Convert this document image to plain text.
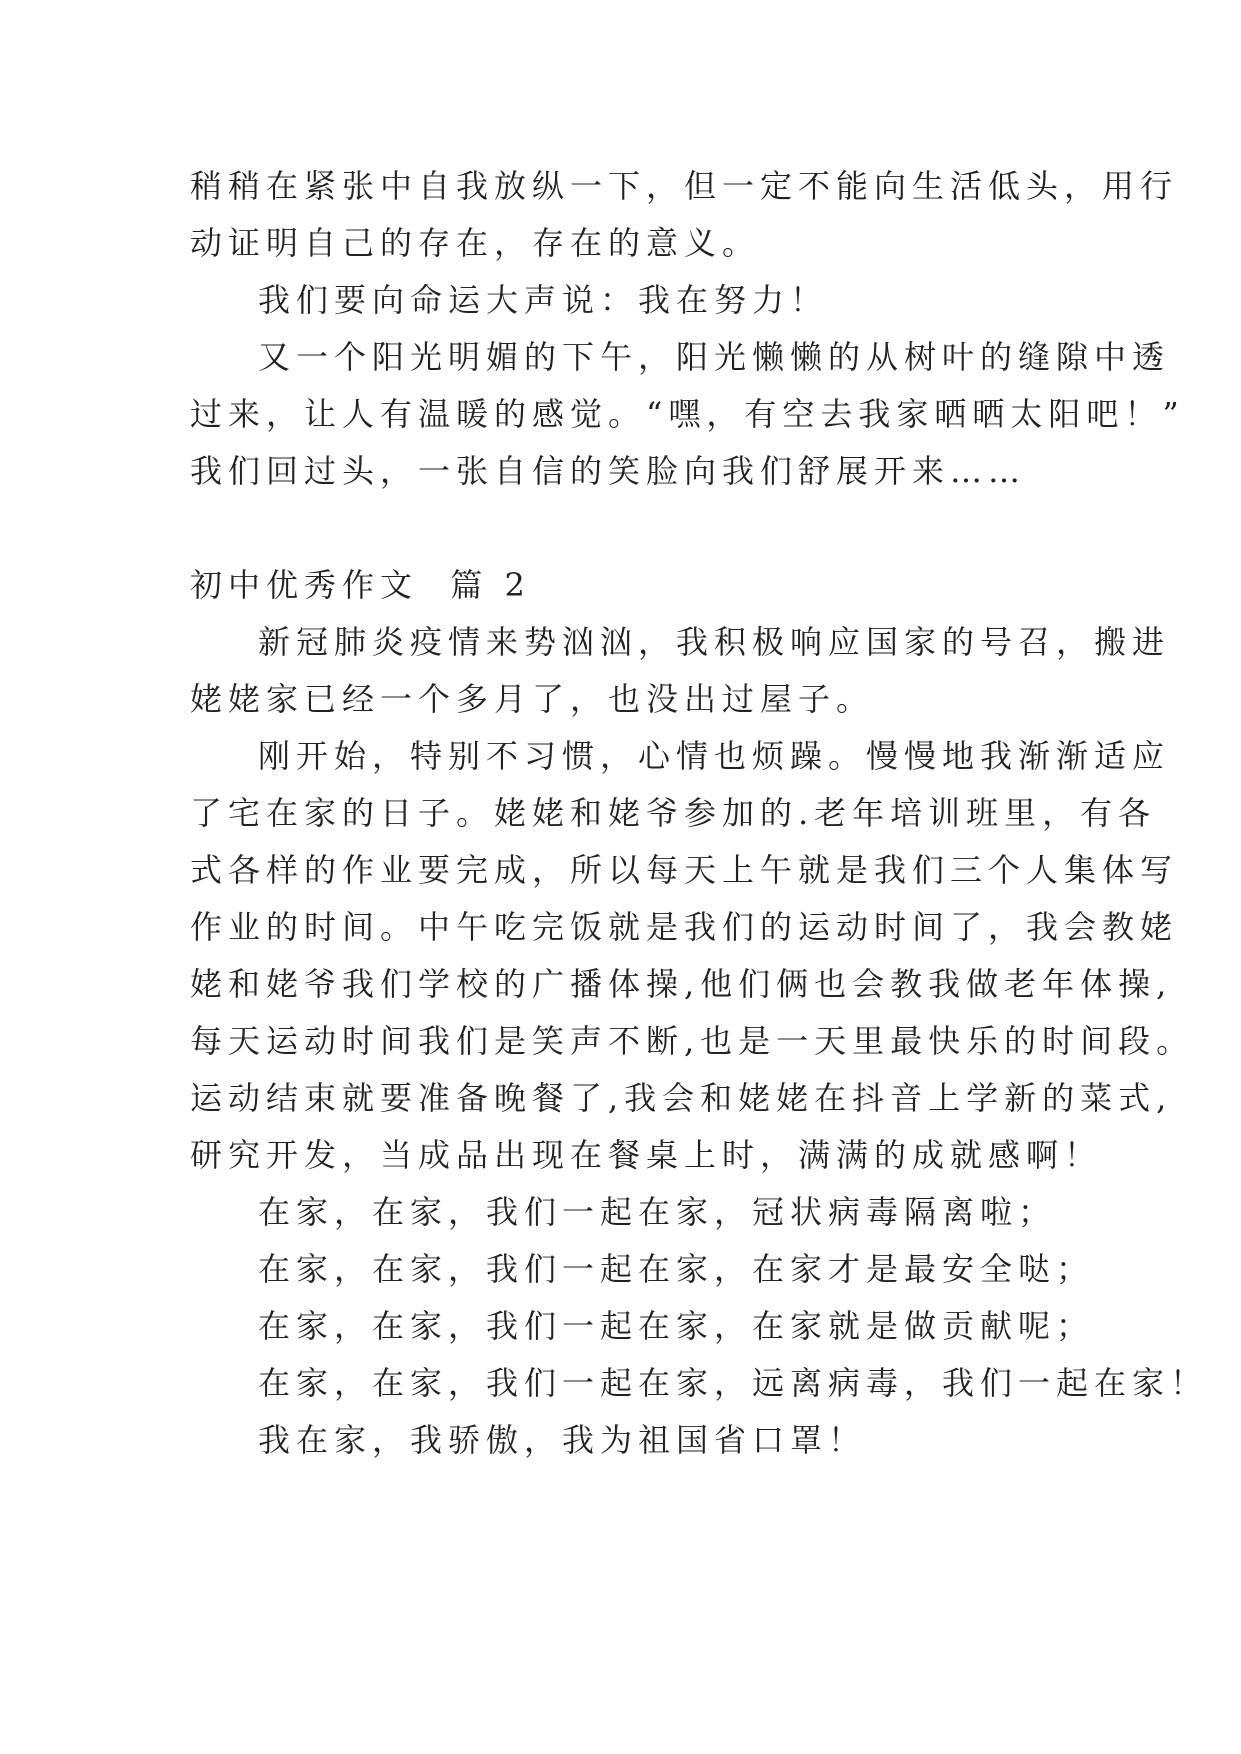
稍稍在紧张中自我放纵一下，但一定不能向生活低头，用行

动证明自己的存在，存在的意义。

我们要向命运大声说：我在努力！

又一个阳光明媚的下午，阳光懒懒的从树叶的缝隙中透

过来，让人有温暖的感觉。“嘿，有空去我家晒晒太阳吧！”

我们回过头，一张自信的笑脸向我们舒展开来……

初中优秀作文  篇 2

新冠肺炎疫情来势汹汹，我积极响应国家的号召，搬进

姥姥家已经一个多月了，也没出过屋子。

刚开始，特别不习惯，心情也烦躁。慢慢地我渐渐适应

了宅在家的日子。姥姥和姥爷参加的.老年培训班里，有各

式各样的作业要完成，所以每天上午就是我们三个人集体写

作业的时间。中午吃完饭就是我们的运动时间了，我会教姥

姥和姥爷我们学校的广播体操,他们俩也会教我做老年体操,

每天运动时间我们是笑声不断,也是一天里最快乐的时间段。

运动结束就要准备晚餐了,我会和姥姥在抖音上学新的菜式,

研究开发，当成品出现在餐桌上时，满满的成就感啊！

在家，在家，我们一起在家，冠状病毒隔离啦；

在家，在家，我们一起在家，在家才是最安全哒；

在家，在家，我们一起在家，在家就是做贡献呢；

在家，在家，我们一起在家，远离病毒，我们一起在家！

我在家，我骄傲，我为祖国省口罩！
